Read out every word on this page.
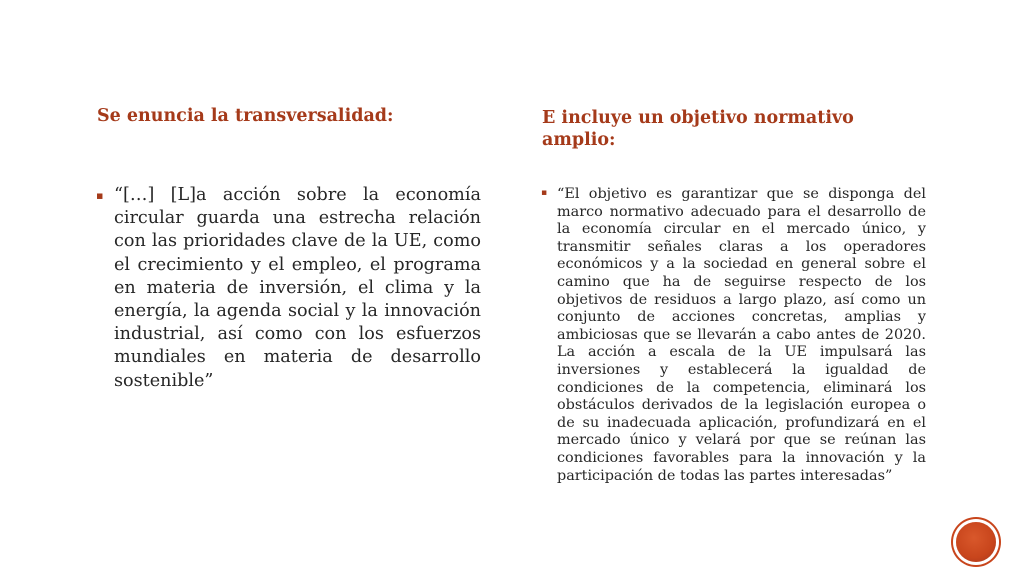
Se enuncia la transversalidad:
▪ “[…] [L]a acción sobre la economía circular guarda una estrecha relación con las prioridades clave de la UE, como el crecimiento y el empleo, el programa en materia de inversión, el clima y la energía, la agenda social y la innovación industrial, así como con los esfuerzos mundiales en materia de desarrollo sostenible”
E incluye un objetivo normativo amplio:
▪ “El objetivo es garantizar que se disponga del marco normativo adecuado para el desarrollo de la economía circular en el mercado único, y transmitir señales claras a los operadores económicos y a la sociedad en general sobre el camino que ha de seguirse respecto de los objetivos de residuos a largo plazo, así como un conjunto de acciones concretas, amplias y ambiciosas que se llevarán a cabo antes de 2020. La acción a escala de la UE impulsará las inversiones y establecerá la igualdad de condiciones de la competencia, eliminará los obstáculos derivados de la legislación europea o de su inadecuada aplicación, profundizará en el mercado único y velará por que se reúnan las condiciones favorables para la innovación y la participación de todas las partes interesadas”
